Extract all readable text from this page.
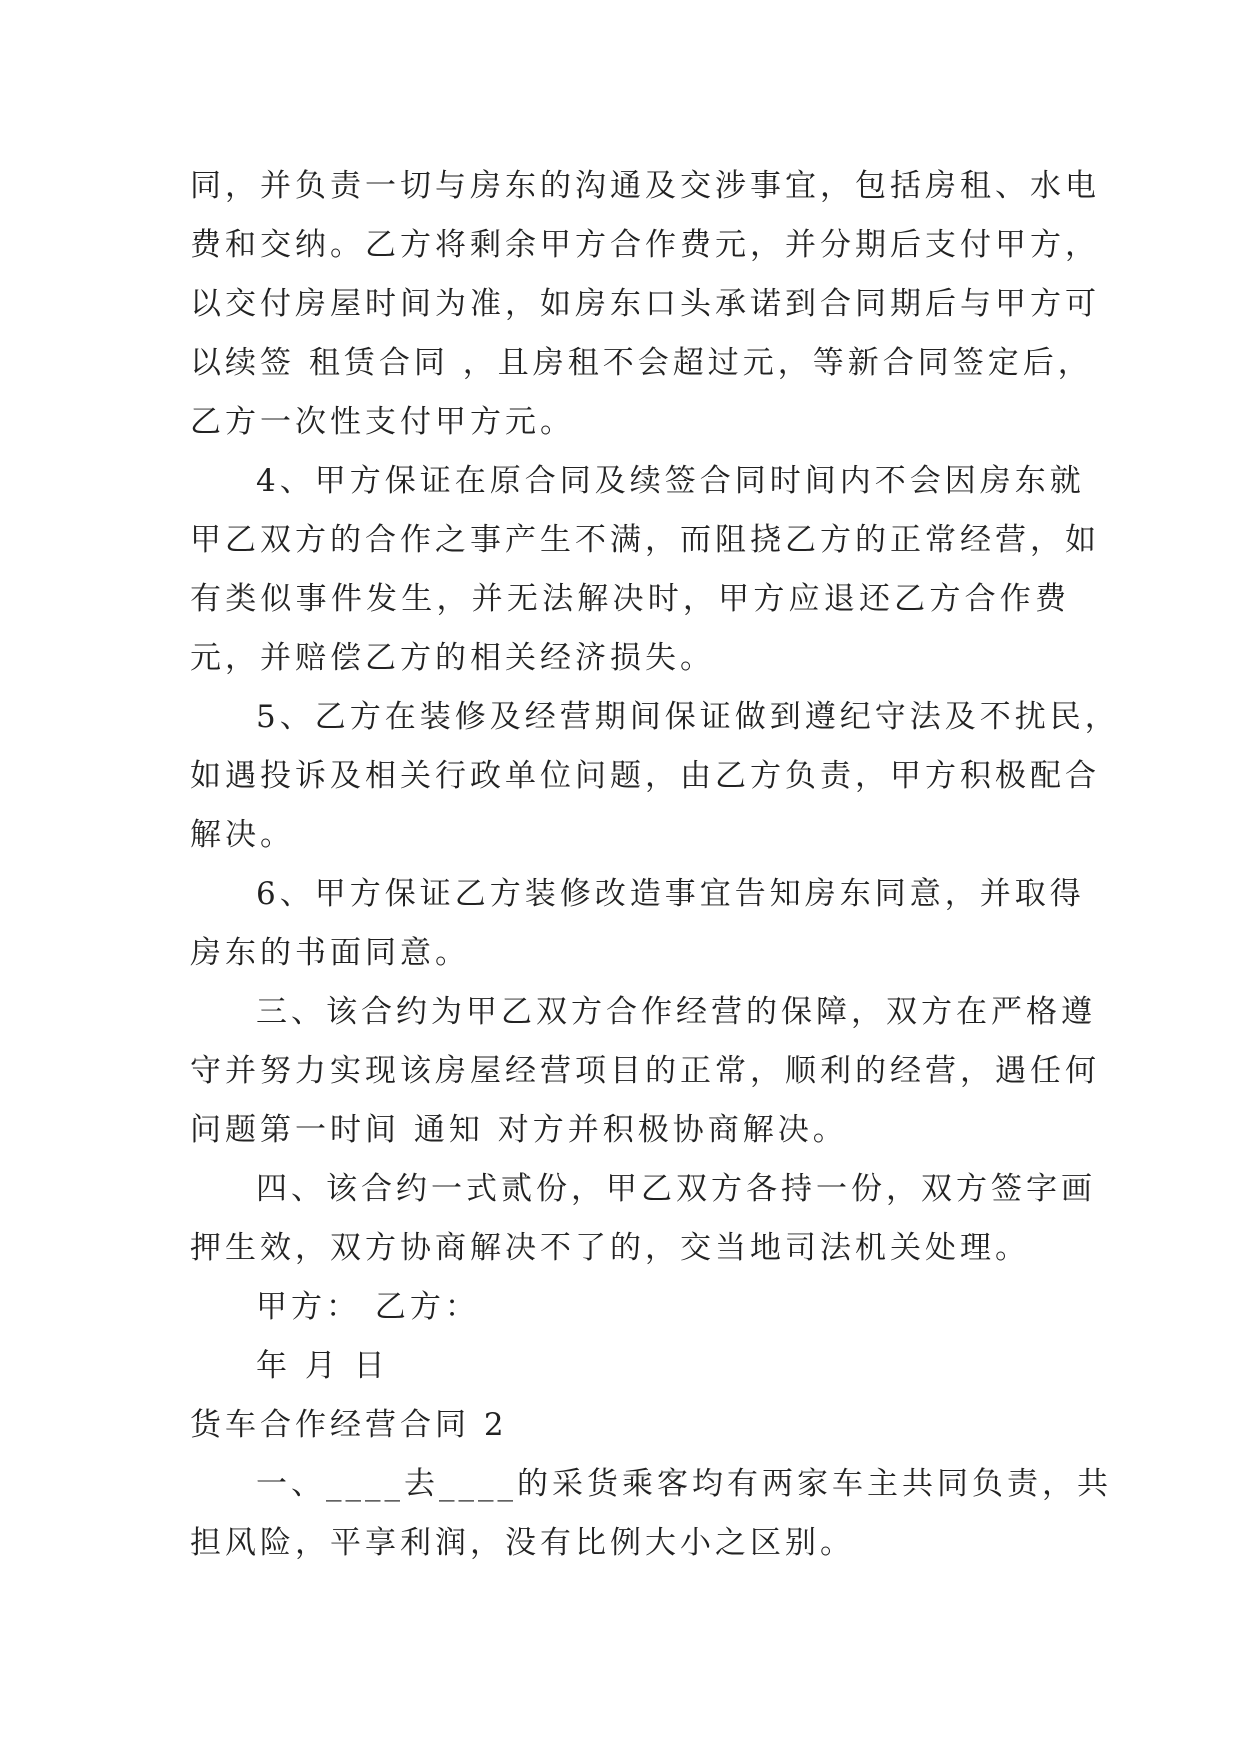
同，并负责一切与房东的沟通及交涉事宜，包括房租、水电
费和交纳。乙方将剩余甲方合作费元，并分期后支付甲方，
以交付房屋时间为准，如房东口头承诺到合同期后与甲方可
以续签 租赁合同 ，且房租不会超过元，等新合同签定后，
乙方一次性支付甲方元。
4、甲方保证在原合同及续签合同时间内不会因房东就
甲乙双方的合作之事产生不满，而阻挠乙方的正常经营，如
有类似事件发生，并无法解决时，甲方应退还乙方合作费
元，并赔偿乙方的相关经济损失。
5、乙方在装修及经营期间保证做到遵纪守法及不扰民，
如遇投诉及相关行政单位问题，由乙方负责，甲方积极配合
解决。
6、甲方保证乙方装修改造事宜告知房东同意，并取得
房东的书面同意。
三、该合约为甲乙双方合作经营的保障，双方在严格遵
守并努力实现该房屋经营项目的正常，顺利的经营，遇任何
问题第一时间 通知 对方并积极协商解决。
四、该合约一式贰份，甲乙双方各持一份，双方签字画
押生效，双方协商解决不了的，交当地司法机关处理。
甲方： 乙方：
年 月 日
货车合作经营合同 2
一、____去____的采货乘客均有两家车主共同负责，共
担风险，平享利润，没有比例大小之区别。
